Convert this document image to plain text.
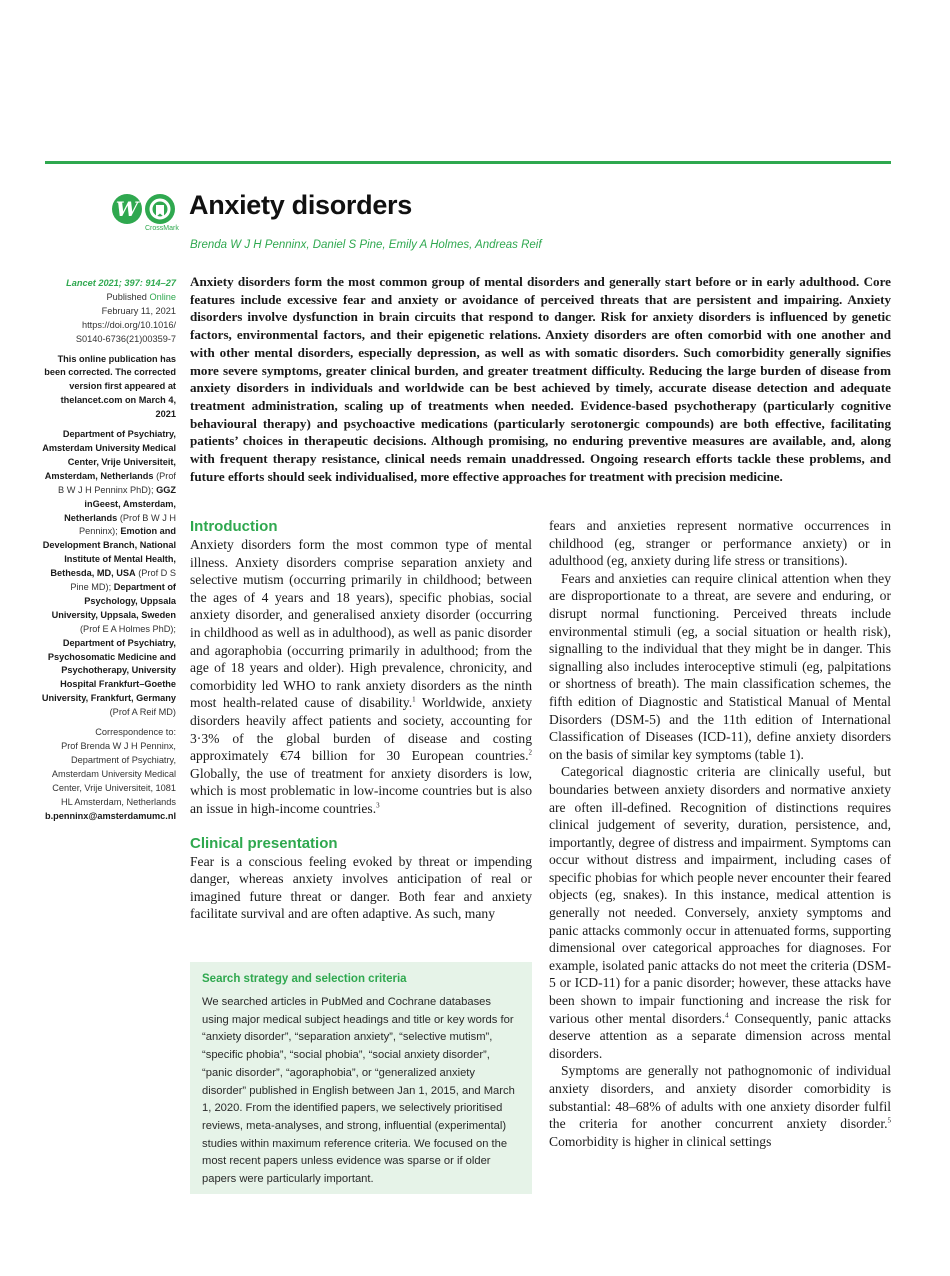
W
CrossMark
Anxiety disorders
Brenda W J H Penninx, Daniel S Pine, Emily A Holmes, Andreas Reif
Lancet 2021; 397: 914–27
Published Online
February 11, 2021
https://doi.org/10.1016/
S0140-6736(21)00359-7
This online publication has been corrected. The corrected version first appeared at thelancet.com on March 4, 2021
Department of Psychiatry, Amsterdam University Medical Center, Vrije Universiteit, Amsterdam, Netherlands (Prof B W J H Penninx PhD); GGZ inGeest, Amsterdam, Netherlands (Prof B W J H Penninx); Emotion and Development Branch, National Institute of Mental Health, Bethesda, MD, USA (Prof D S Pine MD); Department of Psychology, Uppsala University, Uppsala, Sweden (Prof E A Holmes PhD); Department of Psychiatry, Psychosomatic Medicine and Psychotherapy, University Hospital Frankfurt–Goethe University, Frankfurt, Germany (Prof A Reif MD)
Correspondence to:
Prof Brenda W J H Penninx, Department of Psychiatry, Amsterdam University Medical Center, Vrije Universiteit, 1081 HL Amsterdam, Netherlands
b.penninx@amsterdamumc.nl

Anxiety disorders form the most common group of mental disorders and generally start before or in early adulthood. Core features include excessive fear and anxiety or avoidance of perceived threats that are persistent and impairing. Anxiety disorders involve dysfunction in brain circuits that respond to danger. Risk for anxiety disorders is influenced by genetic factors, environmental factors, and their epigenetic relations. Anxiety disorders are often comorbid with one another and with other mental disorders, especially depression, as well as with somatic disorders. Such comorbidity generally signifies more severe symptoms, greater clinical burden, and greater treatment difficulty. Reducing the large burden of disease from anxiety disorders in individuals and worldwide can be best achieved by timely, accurate disease detection and adequate treatment administration, scaling up of treatments when needed. Evidence-based psychotherapy (particularly cognitive behavioural therapy) and psychoactive medications (particularly serotonergic compounds) are both effective, facilitating patients’ choices in therapeutic decisions. Although promising, no enduring preventive measures are available, and, along with frequent therapy resistance, clinical needs remain unaddressed. Ongoing research efforts tackle these problems, and future efforts should seek individualised, more effective approaches for treatment with precision medicine.

Introduction

Anxiety disorders form the most common type of mental illness. Anxiety disorders comprise separation anxiety and selective mutism (occurring primarily in childhood; between the ages of 4 years and 18 years), specific phobias, social anxiety disorder, and generalised anxiety disorder (occurring in childhood as well as in adulthood), as well as panic disorder and agoraphobia (occurring primarily in adulthood; from the age of 18 years and older). High prevalence, chronicity, and comorbidity led WHO to rank anxiety disorders as the ninth most health-related cause of disability.$^1$ Worldwide, anxiety disorders heavily affect patients and society, accounting for 3·3% of the global burden of disease and costing approximately €74 billion for 30 European countries.$^2$ Globally, the use of treatment for anxiety disorders is low, which is most problematic in low-income countries but is also an issue in high-income countries.$^3$

Clinical presentation

Fear is a conscious feeling evoked by threat or impending danger, whereas anxiety involves anticipation of real or imagined future threat or danger. Both fear and anxiety facilitate survival and are often adaptive. As such, many

Search strategy and selection criteria

We searched articles in PubMed and Cochrane databases using major medical subject headings and title or key words for “anxiety disorder”, “separation anxiety”, “selective mutism”, “specific phobia”, “social phobia”, “social anxiety disorder”, “panic disorder”, “agoraphobia”, or “generalized anxiety disorder” published in English between Jan 1, 2015, and March 1, 2020. From the identified papers, we selectively prioritised reviews, meta-analyses, and strong, influential (experimental) studies within maximum reference criteria. We focused on the most recent papers unless evidence was sparse or if older papers were particularly important.

fears and anxieties represent normative occurrences in childhood (eg, stranger or performance anxiety) or in adulthood (eg, anxiety during life stress or transitions).

Fears and anxieties can require clinical attention when they are disproportionate to a threat, are severe and enduring, or disrupt normal functioning. Perceived threats include environmental stimuli (eg, a social situation or health risk), signalling to the individual that they might be in danger. This signalling also includes interoceptive stimuli (eg, palpitations or shortness of breath). The main classification schemes, the fifth edition of Diagnostic and Statistical Manual of Mental Disorders (DSM-5) and the 11th edition of International Classification of Diseases (ICD-11), define anxiety disorders on the basis of similar key symptoms (table 1).

Categorical diagnostic criteria are clinically useful, but boundaries between anxiety disorders and normative anxiety are often ill-defined. Recognition of distinctions requires clinical judgement of severity, duration, persistence, and, importantly, degree of distress and impairment. Symptoms can occur without distress and impairment, including cases of specific phobias for which people never encounter their feared objects (eg, snakes). In this instance, medical attention is generally not needed. Conversely, anxiety symptoms and panic attacks commonly occur in attenuated forms, supporting dimensional over categorical approaches for diagnoses. For example, isolated panic attacks do not meet the criteria (DSM-5 or ICD-11) for a panic disorder; however, these attacks have been shown to impair functioning and increase the risk for various other mental disorders.$^4$ Consequently, panic attacks deserve attention as a separate dimension across mental disorders.

Symptoms are generally not pathognomonic of individual anxiety disorders, and anxiety disorder comorbidity is substantial: 48–68% of adults with one anxiety disorder fulfil the criteria for another concurrent anxiety disorder.$^5$ Comorbidity is higher in clinical settings
